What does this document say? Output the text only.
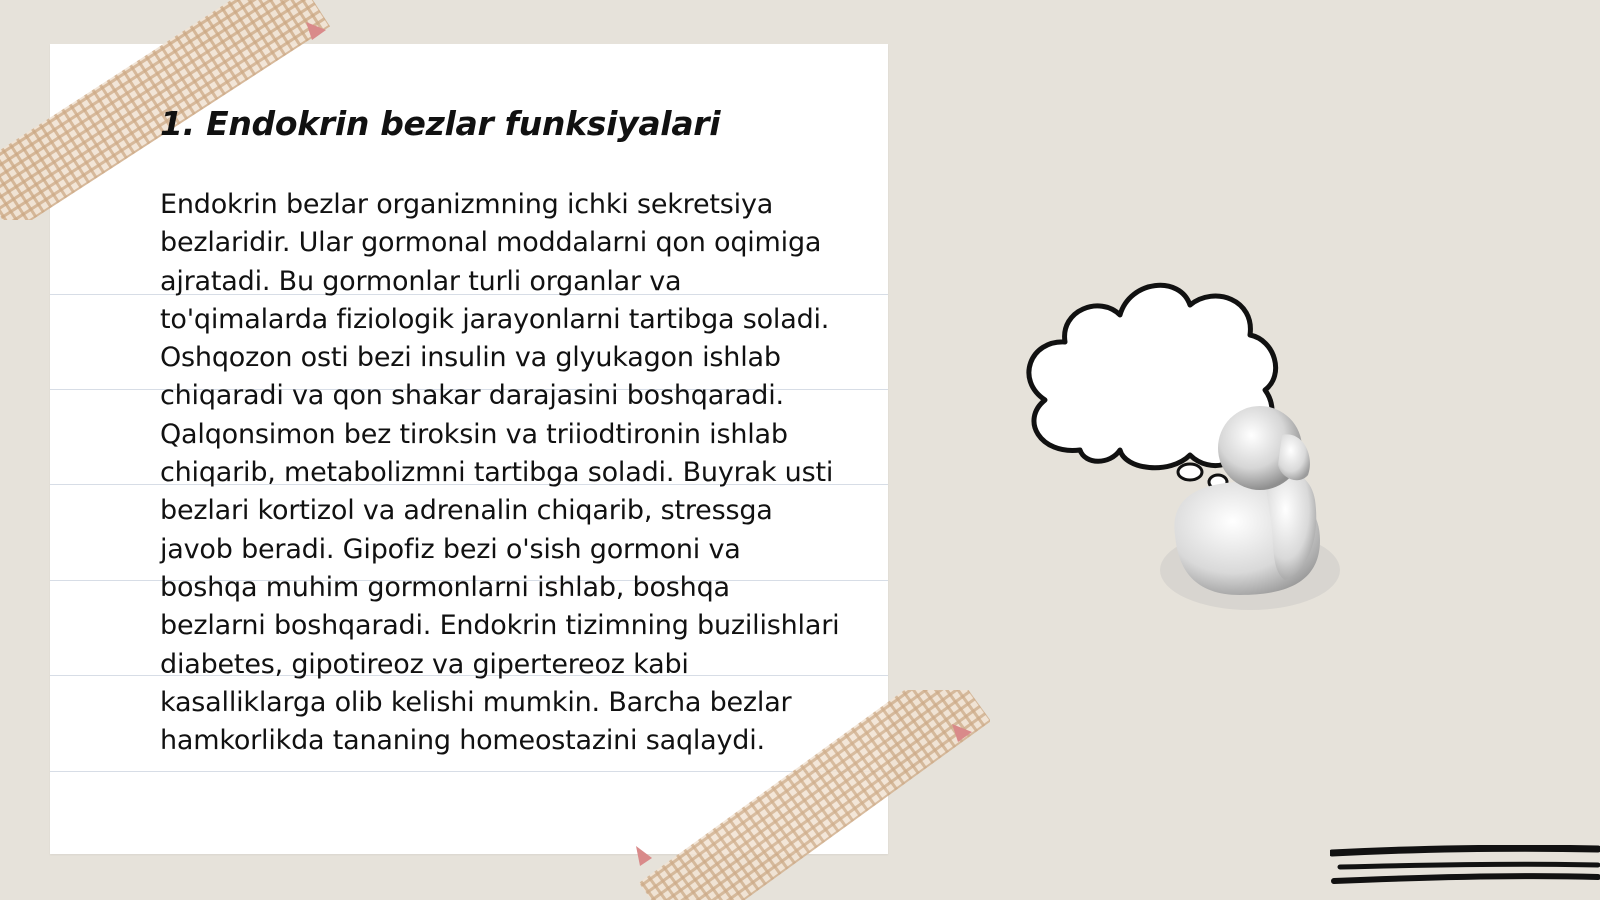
1. Endokrin bezlar funksiyalari

Endokrin bezlar organizmning ichki sekretsiya bezlaridir. Ular gormonal moddalarni qon oqimiga ajratadi. Bu gormonlar turli organlar va to'qimalarda fiziologik jarayonlarni tartibga soladi. Oshqozon osti bezi insulin va glyukagon ishlab chiqaradi va qon shakar darajasini boshqaradi. Qalqonsimon bez tiroksin va triiodtironin ishlab chiqarib, metabolizmni tartibga soladi. Buyrak usti bezlari kortizol va adrenalin chiqarib, stressga javob beradi. Gipofiz bezi o'sish gormoni va boshqa muhim gormonlarni ishlab, boshqa bezlarni boshqaradi. Endokrin tizimning buzilishlari diabetes, gipotireoz va gipertereoz kabi kasalliklarga olib kelishi mumkin. Barcha bezlar hamkorlikda tananing homeostazini saqlaydi.
